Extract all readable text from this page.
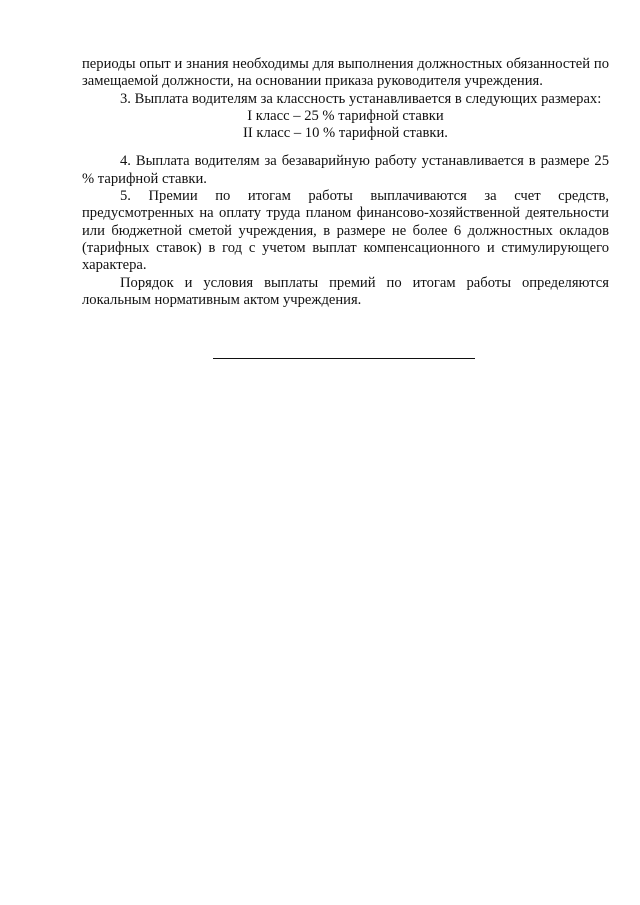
периоды опыт и знания необходимы для выполнения должностных обязанностей по замещаемой должности, на основании приказа руководителя учреждения.

3. Выплата водителям за классность устанавливается в следующих размерах:

I класс – 25 % тарифной ставки

II класс – 10 % тарифной ставки.

4. Выплата водителям за безаварийную работу устанавливается в размере 25 % тарифной ставки.

5. Премии по итогам работы выплачиваются за счет средств, предусмотренных на оплату труда планом финансово-хозяйственной деятельности или бюджетной сметой учреждения, в размере не более 6 должностных окладов (тарифных ставок) в год с учетом выплат компенсационного и стимулирующего характера.

Порядок и условия выплаты премий по итогам работы определяются локальным нормативным актом учреждения.
